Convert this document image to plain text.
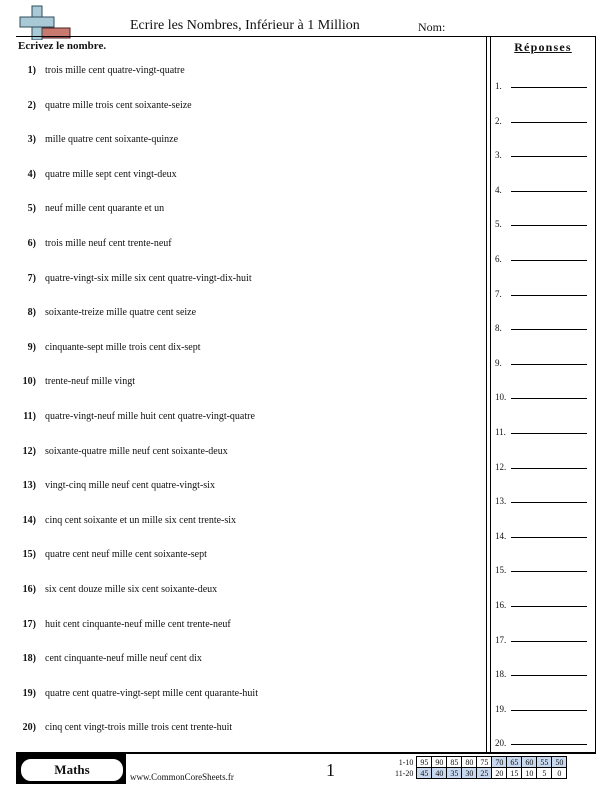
Ecrire les Nombres, Inférieur à 1 Million	Nom:
Ecrivez le nombre.
1) trois mille cent quatre-vingt-quatre
2) quatre mille trois cent soixante-seize
3) mille quatre cent soixante-quinze
4) quatre mille sept cent vingt-deux
5) neuf mille cent quarante et un
6) trois mille neuf cent trente-neuf
7) quatre-vingt-six mille six cent quatre-vingt-dix-huit
8) soixante-treize mille quatre cent seize
9) cinquante-sept mille trois cent dix-sept
10) trente-neuf mille vingt
11) quatre-vingt-neuf mille huit cent quatre-vingt-quatre
12) soixante-quatre mille neuf cent soixante-deux
13) vingt-cinq mille neuf cent quatre-vingt-six
14) cinq cent soixante et un mille six cent trente-six
15) quatre cent neuf mille cent soixante-sept
16) six cent douze mille six cent soixante-deux
17) huit cent cinquante-neuf mille cent trente-neuf
18) cent cinquante-neuf mille neuf cent dix
19) quatre cent quatre-vingt-sept mille cent quarante-huit
20) cinq cent vingt-trois mille trois cent trente-huit
Réponses
1.
2.
3.
4.
5.
6.
7.
8.
9.
10.
11.
12.
13.
14.
15.
16.
17.
18.
19.
20.
Maths	www.CommonCoreSheets.fr	1	1-10	95	90	85	80	75	70	65	60	55	50
11-20	45	40	35	30	25	20	15	10	5	0
